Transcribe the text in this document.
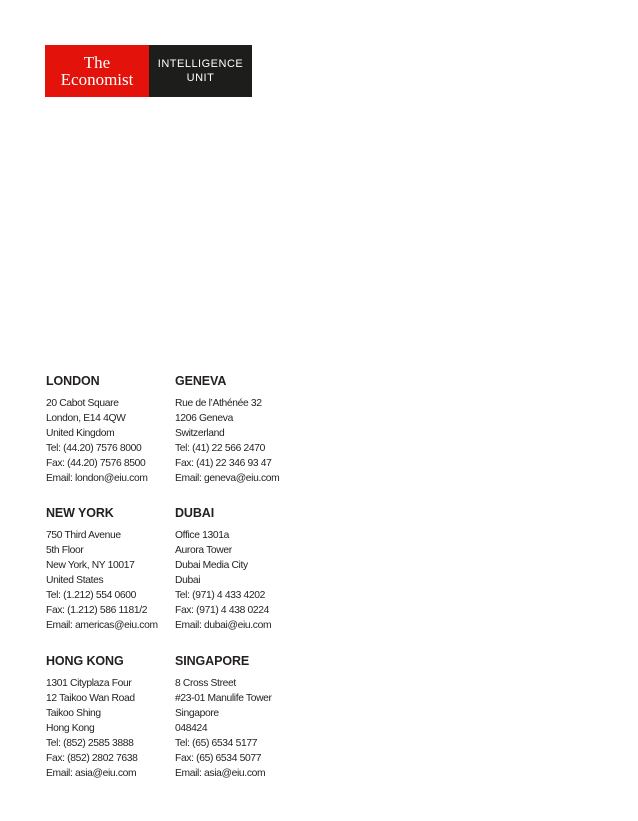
The
Economist
INTELLIGENCE
UNIT
LONDON
20 Cabot Square
London, E14 4QW
United Kingdom
Tel: (44.20) 7576 8000
Fax: (44.20) 7576 8500
Email: london@eiu.com
GENEVA
Rue de l’Athénée 32
1206 Geneva
Switzerland
Tel: (41) 22 566 2470
Fax: (41) 22 346 93 47
Email: geneva@eiu.com
NEW YORK
750 Third Avenue
5th Floor
New York, NY 10017
United States
Tel: (1.212) 554 0600
Fax: (1.212) 586 1181/2
Email: americas@eiu.com
DUBAI
Office 1301a
Aurora Tower
Dubai Media City
Dubai
Tel: (971) 4 433 4202
Fax: (971) 4 438 0224
Email: dubai@eiu.com
HONG KONG
1301 Cityplaza Four
12 Taikoo Wan Road
Taikoo Shing
Hong Kong
Tel: (852) 2585 3888
Fax: (852) 2802 7638
Email: asia@eiu.com
SINGAPORE
8 Cross Street
#23-01 Manulife Tower
Singapore
048424
Tel: (65) 6534 5177
Fax: (65) 6534 5077
Email: asia@eiu.com
